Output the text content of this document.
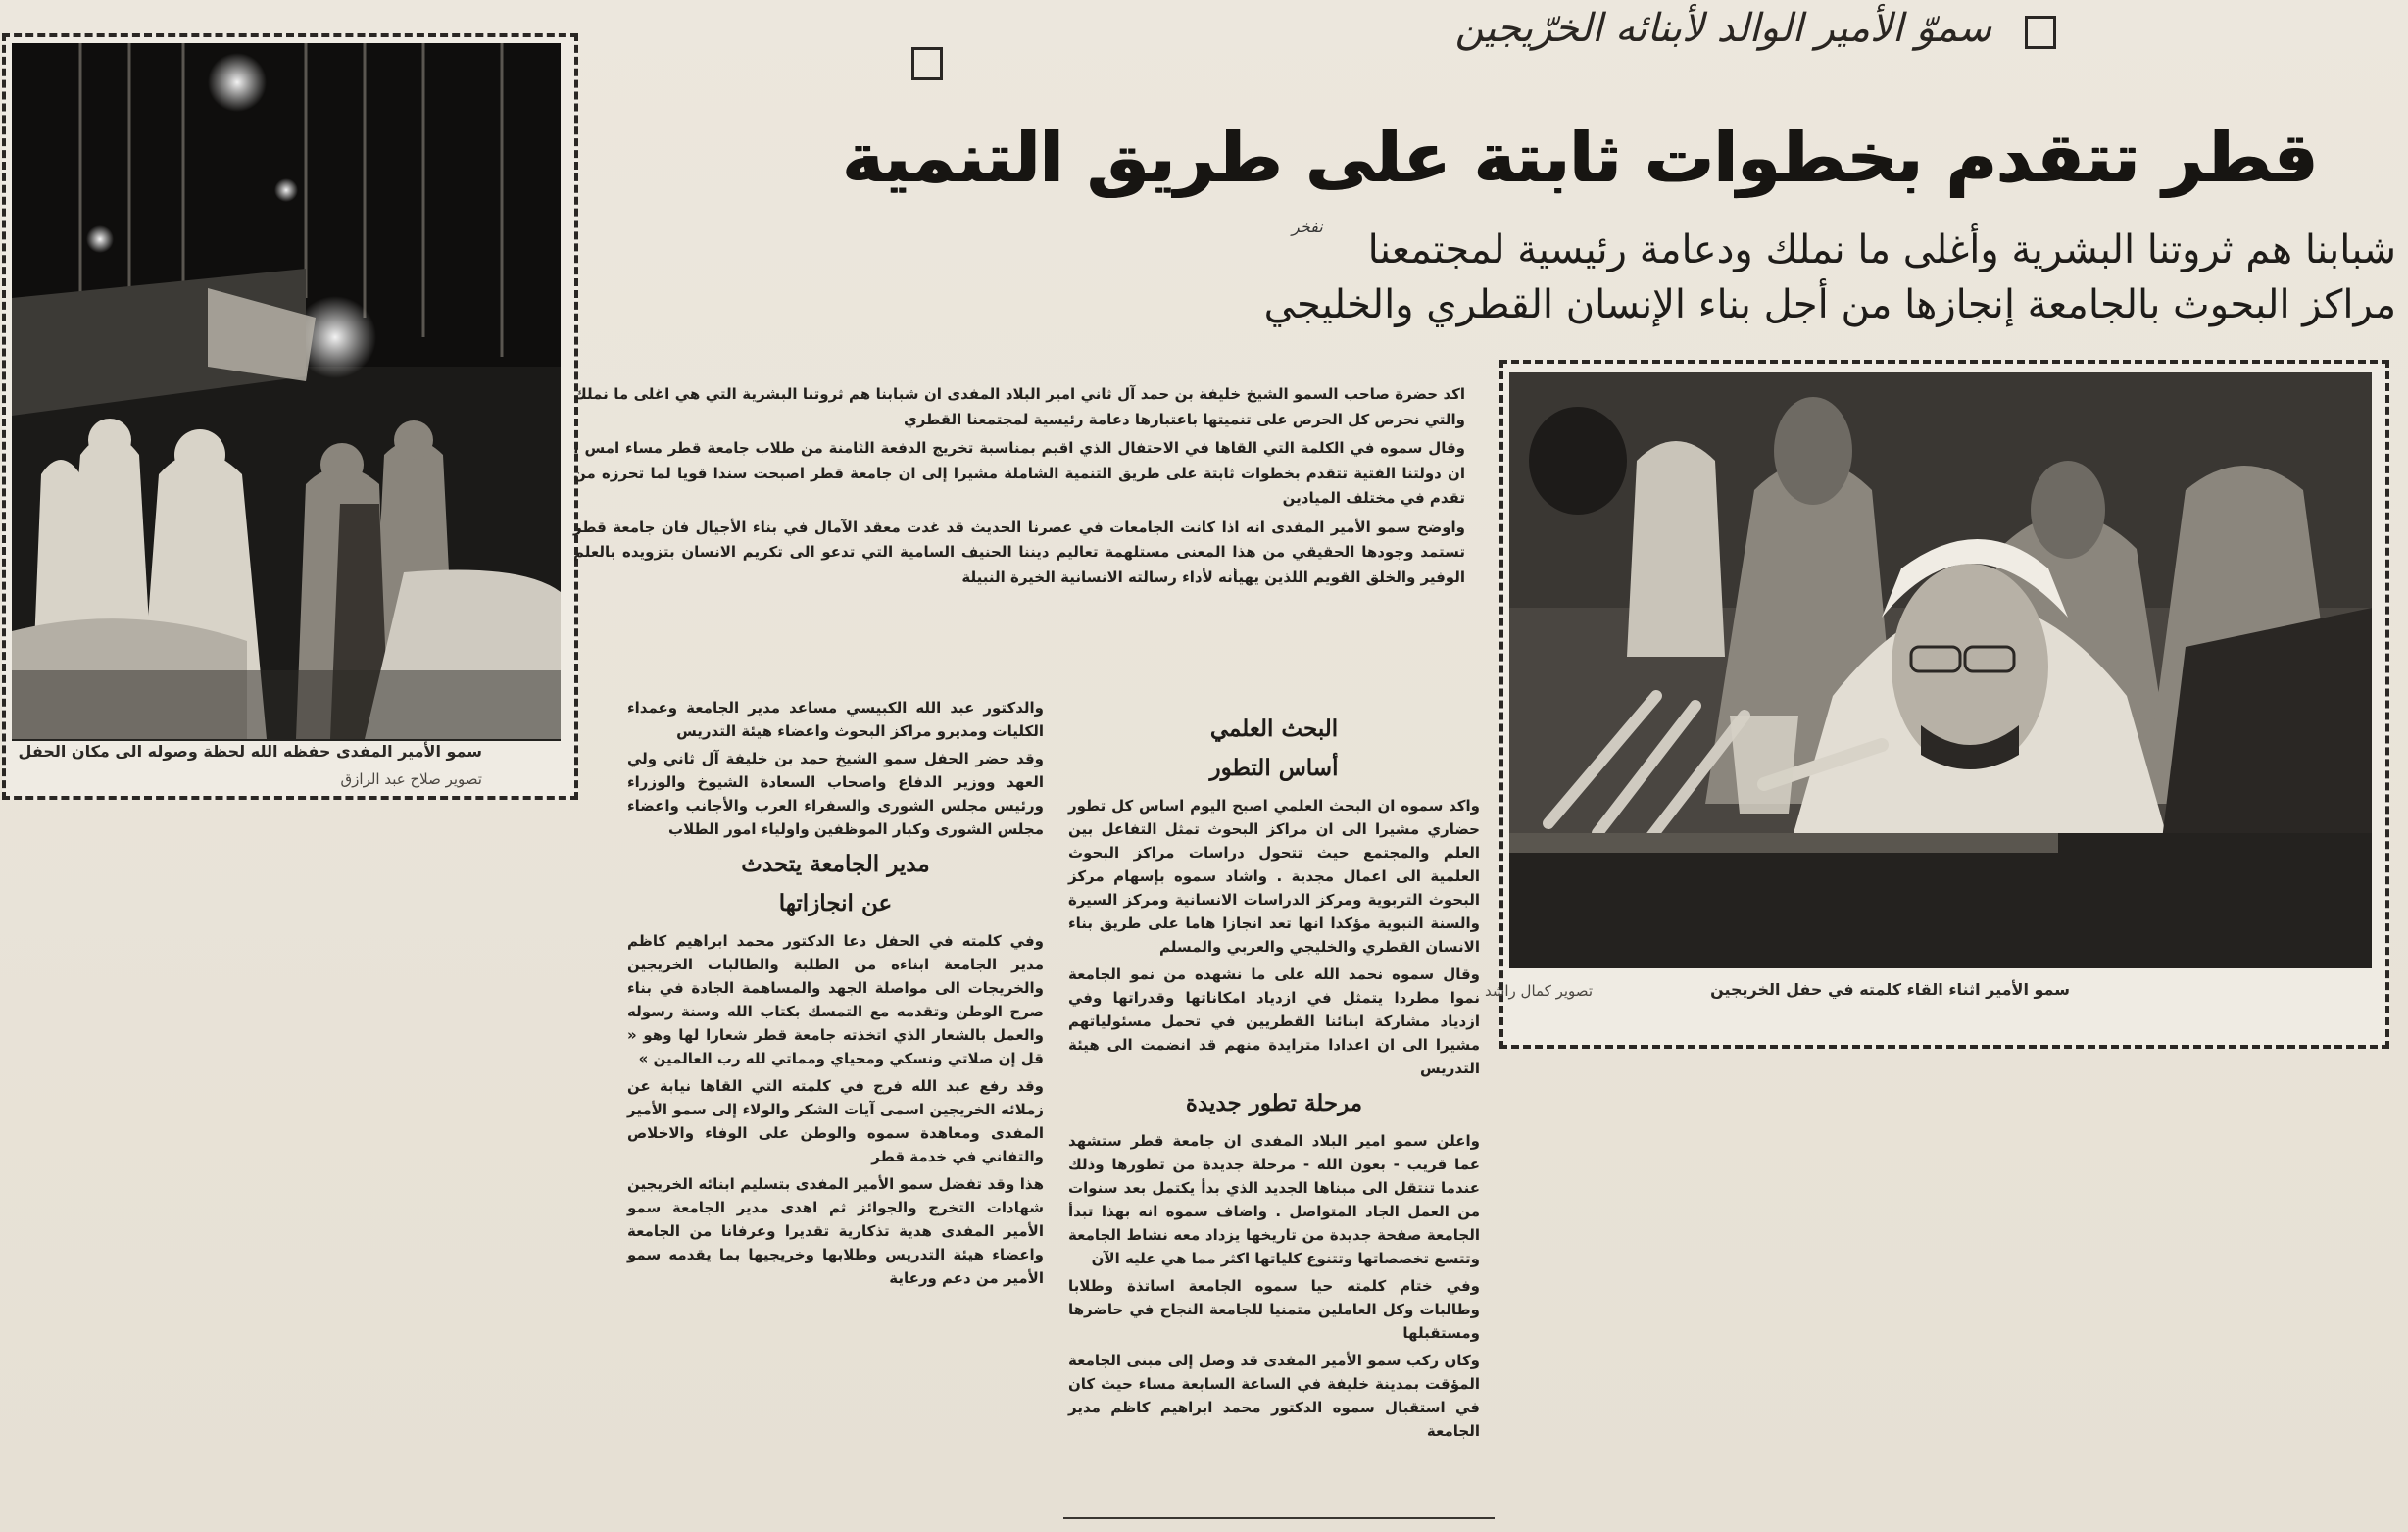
سمو الأمير المفدى حفظه الله لحظة وصوله الى مكان الحفل
تصوير صلاح عبد الرازق
سموّ الأمير الوالد لأبنائه الخرّيجين
قطر تتقدم بخطوات ثابتة على طريق التنمية
شبابنا هم ثروتنا البشرية وأغلى ما نملك ودعامة رئيسية لمجتمعنا
مراكز البحوث بالجامعة إنجازها من أجل بناء الإنسان القطري والخليجي
نفخر
سمو الأمير اثناء القاء كلمته في حفل الخريجين
تصوير كمال راشد

اكد حضرة صاحب السمو الشيخ خليفة بن حمد آل ثاني امير البلاد المفدى ان شبابنا هم ثروتنا البشرية التي هي اغلى ما نملك والتي نحرص كل الحرص على تنميتها باعتبارها دعامة رئيسية لمجتمعنا القطري

وقال سموه في الكلمة التي القاها في الاحتفال الذي اقيم بمناسبة تخريج الدفعة الثامنة من طلاب جامعة قطر مساء امس ، ان دولتنا الفتية تتقدم بخطوات ثابتة على طريق التنمية الشاملة مشيرا إلى ان جامعة قطر اصبحت سندا قويا لما تحرزه من تقدم في مختلف الميادين

واوضح سمو الأمير المفدى انه اذا كانت الجامعات في عصرنا الحديث قد غدت معقد الآمال في بناء الأجيال فان جامعة قطر تستمد وجودها الحقيقي من هذا المعنى مستلهمة تعاليم ديننا الحنيف السامية التي تدعو الى تكريم الانسان بتزويده بالعلم الوفير والخلق القويم اللذين يهيأنه لأداء رسالته الانسانية الخيرة النبيلة

والدكتور عبد الله الكبيسي مساعد مدير الجامعة وعمداء الكليات ومديرو مراكز البحوث واعضاء هيئة التدريس

وقد حضر الحفل سمو الشيخ حمد بن خليفة آل ثاني ولي العهد ووزير الدفاع واصحاب السعادة الشيوخ والوزراء ورئيس مجلس الشورى والسفراء العرب والأجانب واعضاء مجلس الشورى وكبار الموظفين واولياء امور الطلاب

مدير الجامعة يتحدث
عن انجازاتها

وفي كلمته في الحفل دعا الدكتور محمد ابراهيم كاظم مدير الجامعة ابناءه من الطلبة والطالبات الخريجين والخريجات الى مواصلة الجهد والمساهمة الجادة في بناء صرح الوطن وتقدمه مع التمسك بكتاب الله وسنة رسوله والعمل بالشعار الذي اتخذته جامعة قطر شعارا لها وهو « قل إن صلاتي ونسكي ومحياي ومماتي لله رب العالمين »

وقد رفع عبد الله فرج في كلمته التي القاها نيابة عن زملائه الخريجين اسمى آيات الشكر والولاء إلى سمو الأمير المفدى ومعاهدة سموه والوطن على الوفاء والاخلاص والتفاني في خدمة قطر

هذا وقد تفضل سمو الأمير المفدى بتسليم ابنائه الخريجين شهادات التخرج والجوائز ثم اهدى مدير الجامعة سمو الأمير المفدى هدية تذكارية تقديرا وعرفانا من الجامعة واعضاء هيئة التدريس وطلابها وخريجيها بما يقدمه سمو الأمير من دعم ورعاية

البحث العلمي
أساس التطور

واكد سموه ان البحث العلمي اصبح اليوم اساس كل تطور حضاري مشيرا الى ان مراكز البحوث تمثل التفاعل بين العلم والمجتمع حيث تتحول دراسات مراكز البحوث العلمية الى اعمال مجدية . واشاد سموه بإسهام مركز البحوث التربوية ومركز الدراسات الانسانية ومركز السيرة والسنة النبوية مؤكدا انها تعد انجازا هاما على طريق بناء الانسان القطري والخليجي والعربي والمسلم

وقال سموه نحمد الله على ما نشهده من نمو الجامعة نموا مطردا يتمثل في ازدياد امكاناتها وقدراتها وفي ازدياد مشاركة ابنائنا القطريين في تحمل مسئولياتهم مشيرا الى ان اعدادا متزايدة منهم قد انضمت الى هيئة التدريس

مرحلة تطور جديدة

واعلن سمو امير البلاد المفدى ان جامعة قطر ستشهد عما قريب - بعون الله - مرحلة جديدة من تطورها وذلك عندما تنتقل الى مبناها الجديد الذي بدأ يكتمل بعد سنوات من العمل الجاد المتواصل . واضاف سموه انه بهذا تبدأ الجامعة صفحة جديدة من تاريخها يزداد معه نشاط الجامعة وتتسع تخصصاتها وتتنوع كلياتها اكثر مما هي عليه الآن

وفي ختام كلمته حيا سموه الجامعة اساتذة وطلابا وطالبات وكل العاملين متمنيا للجامعة النجاح في حاضرها ومستقبلها

وكان ركب سمو الأمير المفدى قد وصل إلى مبنى الجامعة المؤقت بمدينة خليفة في الساعة السابعة مساء حيث كان في استقبال سموه الدكتور محمد ابراهيم كاظم مدير الجامعة
